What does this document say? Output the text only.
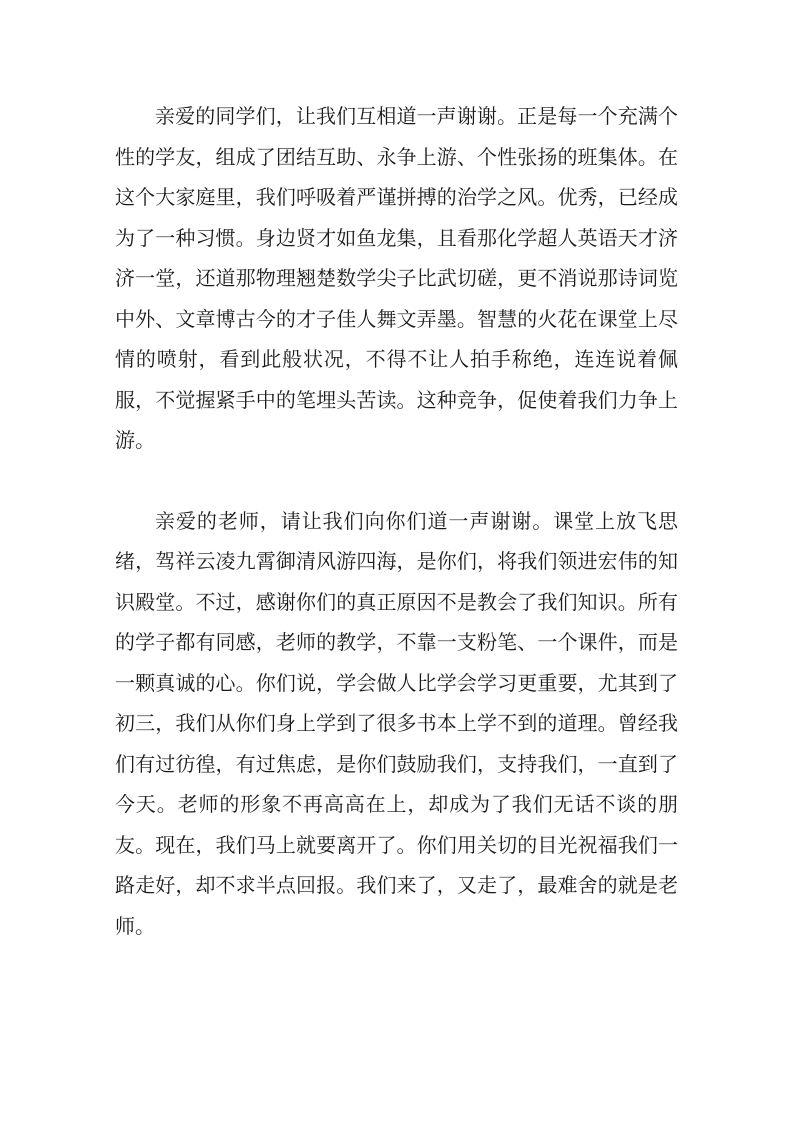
亲爱的同学们，让我们互相道一声谢谢。正是每一个充满个性的学友，组成了团结互助、永争上游、个性张扬的班集体。在这个大家庭里，我们呼吸着严谨拼搏的治学之风。优秀，已经成为了一种习惯。身边贤才如鱼龙集，且看那化学超人英语天才济济一堂，还道那物理翘楚数学尖子比武切磋，更不消说那诗词览中外、文章博古今的才子佳人舞文弄墨。智慧的火花在课堂上尽情的喷射，看到此般状况，不得不让人拍手称绝，连连说着佩服，不觉握紧手中的笔埋头苦读。这种竞争，促使着我们力争上游。

亲爱的老师，请让我们向你们道一声谢谢。课堂上放飞思绪，驾祥云凌九霄御清风游四海，是你们，将我们领进宏伟的知识殿堂。不过，感谢你们的真正原因不是教会了我们知识。所有的学子都有同感，老师的教学，不靠一支粉笔、一个课件，而是一颗真诚的心。你们说，学会做人比学会学习更重要，尤其到了初三，我们从你们身上学到了很多书本上学不到的道理。曾经我们有过彷徨，有过焦虑，是你们鼓励我们，支持我们，一直到了今天。老师的形象不再高高在上，却成为了我们无话不谈的朋友。现在，我们马上就要离开了。你们用关切的目光祝福我们一路走好，却不求半点回报。我们来了，又走了，最难舍的就是老师。
